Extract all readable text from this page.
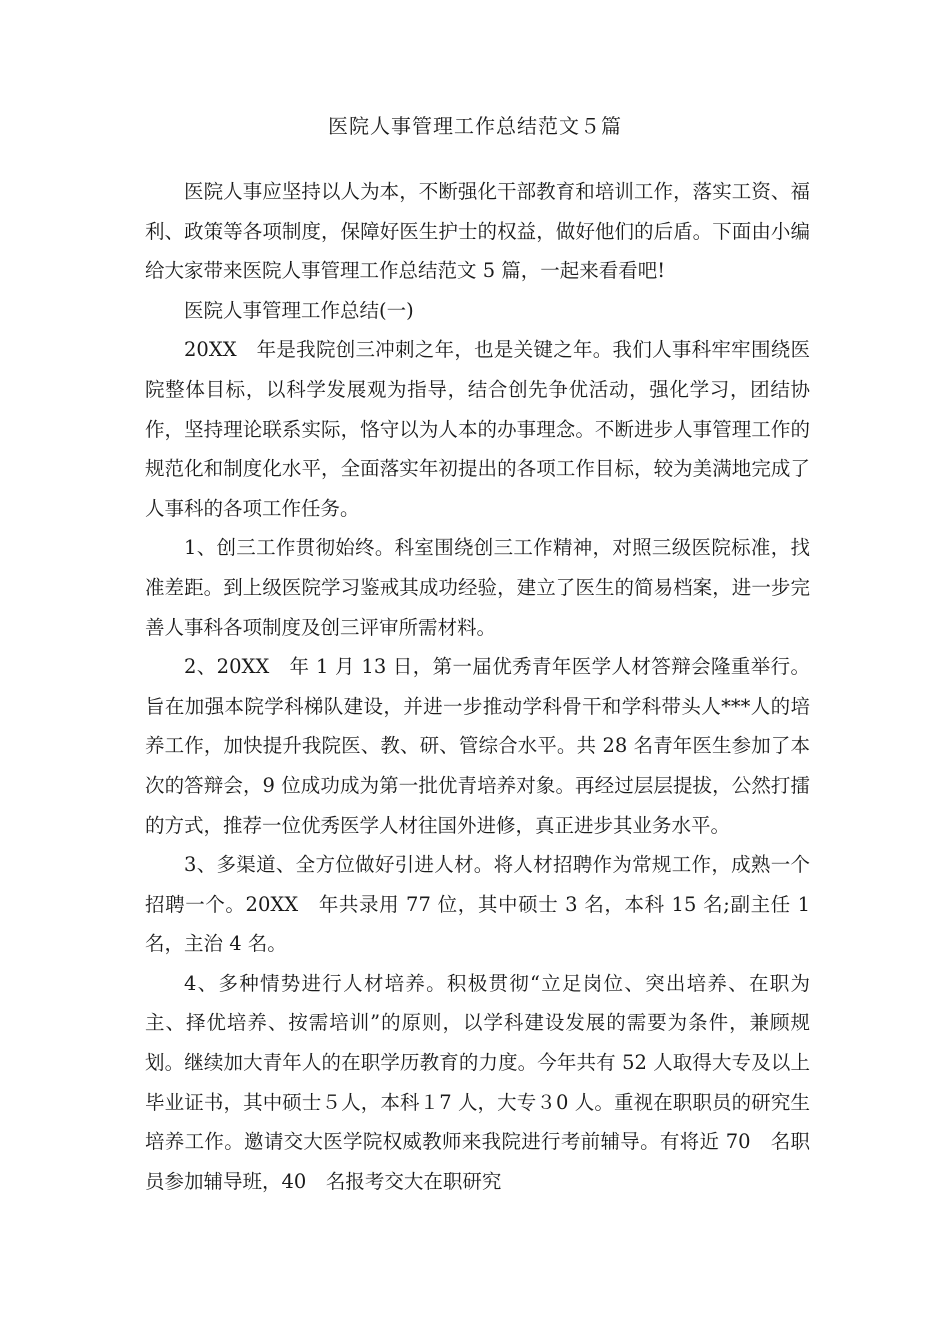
医院人事管理工作总结范文５篇

医院人事应坚持以人为本，不断强化干部教育和培训工作，落实工资、福利、政策等各项制度，保障好医生护士的权益，做好他们的后盾。下面由小编给大家带来医院人事管理工作总结范文 5 篇，一起来看看吧!

医院人事管理工作总结(一)

20XX　年是我院创三冲刺之年，也是关键之年。我们人事科牢牢围绕医院整体目标，以科学发展观为指导，结合创先争优活动，强化学习，团结协作，坚持理论联系实际，恪守以为人本的办事理念。不断进步人事管理工作的规范化和制度化水平，全面落实年初提出的各项工作目标，较为美满地完成了人事科的各项工作任务。

1、创三工作贯彻始终。科室围绕创三工作精神，对照三级医院标准，找准差距。到上级医院学习鉴戒其成功经验，建立了医生的简易档案，进一步完善人事科各项制度及创三评审所需材料。

2、20XX　年 1 月 13 日，第一届优秀青年医学人材答辩会隆重举行。旨在加强本院学科梯队建设，并进一步推动学科骨干和学科带头人***人的培养工作，加快提升我院医、教、研、管综合水平。共 28 名青年医生参加了本次的答辩会，9 位成功成为第一批优青培养对象。再经过层层提拔，公然打擂的方式，推荐一位优秀医学人材往国外进修，真正进步其业务水平。

3、多渠道、全方位做好引进人材。将人材招聘作为常规工作，成熟一个招聘一个。20XX　年共录用 77 位，其中硕士 3 名，本科 15 名;副主任 1 名，主治 4 名。

4、多种情势进行人材培养。积极贯彻“立足岗位、突出培养、在职为主、择优培养、按需培训”的原则，以学科建设发展的需要为条件，兼顾规划。继续加大青年人的在职学历教育的力度。今年共有 52 人取得大专及以上毕业证书，其中硕士５人，本科１7 人，大专３0 人。重视在职职员的研究生培养工作。邀请交大医学院权威教师来我院进行考前辅导。有将近 70　名职员参加辅导班，40　名报考交大在职研究
